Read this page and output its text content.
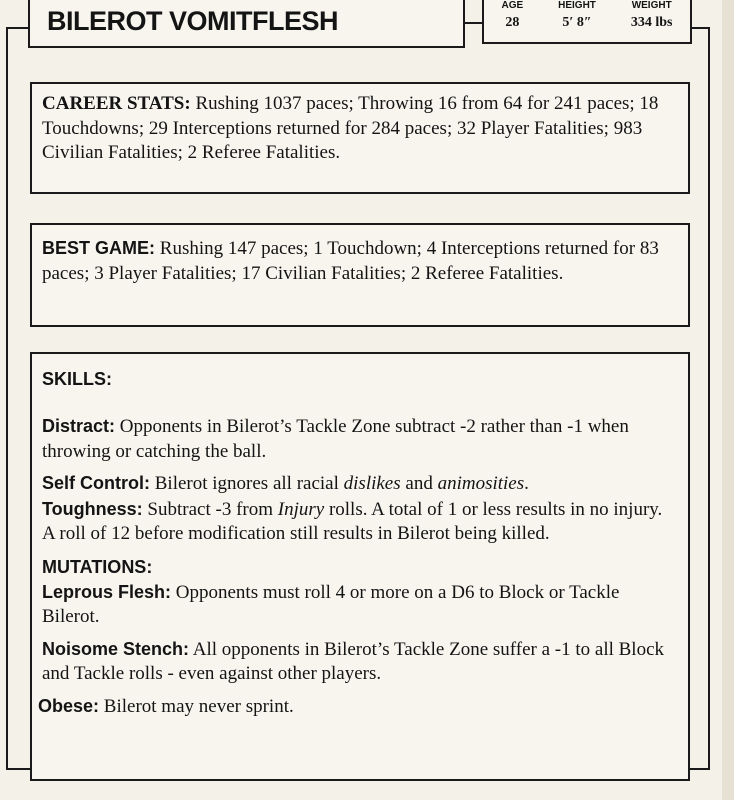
BILEROT VOMITFLESH
AGE
28
HEIGHT
5′ 8″
WEIGHT
334 lbs

CAREER STATS: Rushing 1037 paces; Throwing 16 from 64 for 241 paces; 18 Touchdowns; 29 Interceptions returned for 284 paces; 32 Player Fatalities; 983 Civilian Fatalities; 2 Referee Fatalities.

BEST GAME: Rushing 147 paces; 1 Touchdown; 4 Interceptions returned for 83 paces; 3 Player Fatalities; 17 Civilian Fatalities; 2 Referee Fatalities.

SKILLS:

Distract: Opponents in Bilerot’s Tackle Zone subtract -2 rather than -1 when throwing or catching the ball.

Self Control: Bilerot ignores all racial dislikes and animosities.

Toughness: Subtract -3 from Injury rolls. A total of 1 or less results in no injury. A roll of 12 before modification still results in Bilerot being killed.

MUTATIONS:

Leprous Flesh: Opponents must roll 4 or more on a D6 to Block or Tackle Bilerot.

Noisome Stench: All opponents in Bilerot’s Tackle Zone suffer a -1 to all Block and Tackle rolls - even against other players.

Obese: Bilerot may never sprint.
